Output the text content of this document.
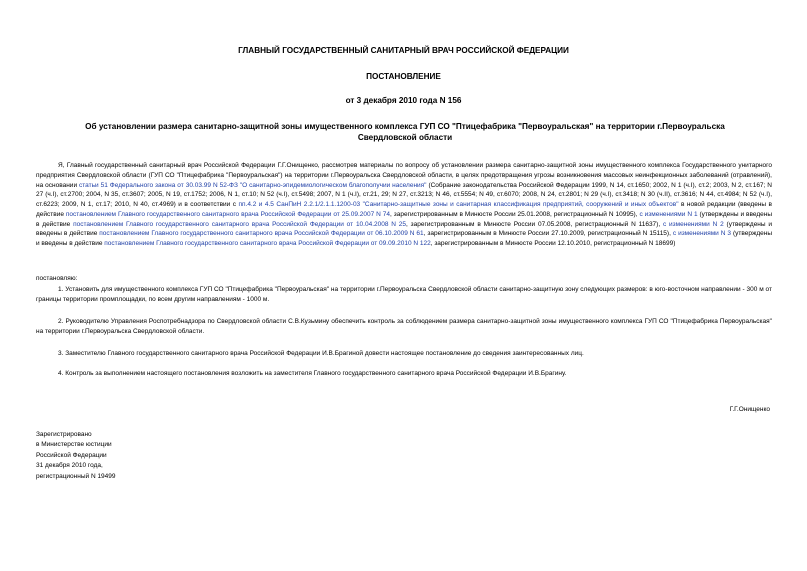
ГЛАВНЫЙ ГОСУДАРСТВЕННЫЙ САНИТАРНЫЙ ВРАЧ РОССИЙСКОЙ ФЕДЕРАЦИИ
ПОСТАНОВЛЕНИЕ
от 3 декабря 2010 года N 156
Об установлении размера санитарно-защитной зоны имущественного комплекса ГУП СО "Птицефабрика "Первоуральская" на территории г.Первоуральска Свердловской области
Я, Главный государственный санитарный врач Российской Федерации Г.Г.Онищенко, рассмотрев материалы по вопросу об установлении размера санитарно-защитной зоны имущественного комплекса Государственного унитарного предприятия Свердловской области (ГУП СО "Птицефабрика "Первоуральская") на территории г.Первоуральска Свердловской области, в целях предотвращения угрозы возникновения массовых неинфекционных заболеваний (отравлений), на основании статьи 51 Федерального закона от 30.03.99 N 52-ФЗ "О санитарно-эпидемиологическом благополучии населения" (Собрание законодательства Российской Федерации 1999, N 14, ст.1650; 2002, N 1 (ч.I), ст.2; 2003, N 2, ст.167; N 27 (ч.I), ст.2700; 2004, N 35, ст.3607; 2005, N 19, ст.1752; 2006, N 1, ст.10; N 52 (ч.I), ст.5498; 2007, N 1 (ч.I), ст.21, 29; N 27, ст.3213; N 46, ст.5554; N 49, ст.6070; 2008, N 24, ст.2801; N 29 (ч.I), ст.3418; N 30 (ч.II), ст.3616; N 44, ст.4984; N 52 (ч.I), ст.6223; 2009, N 1, ст.17; 2010, N 40, ст.4969) и в соответствии с пп.4.2 и 4.5 СанПиН 2.2.1/2.1.1.1200-03 "Санитарно-защитные зоны и санитарная классификация предприятий, сооружений и иных объектов" в новой редакции (введены в действие постановлением Главного государственного санитарного врача Российской Федерации от 25.09.2007 N 74, зарегистрированным в Минюсте России 25.01.2008, регистрационный N 10995), с изменениями N 1 (утверждены и введены в действие постановлением Главного государственного санитарного врача Российской Федерации от 10.04.2008 N 25, зарегистрированным в Минюсте России 07.05.2008, регистрационный N 11637), с изменениями N 2 (утверждены и введены в действие постановлением Главного государственного санитарного врача Российской Федерации от 06.10.2009 N 61, зарегистрированным в Минюсте России 27.10.2009, регистрационный N 15115), с изменениями N 3 (утверждены и введены в действие постановлением Главного государственного санитарного врача Российской Федерации от 09.09.2010 N 122, зарегистрированным в Минюсте России 12.10.2010, регистрационный N 18699)
постановляю:
1. Установить для имущественного комплекса ГУП СО "Птицефабрика "Первоуральская" на территории г.Первоуральска Свердловской области санитарно-защитную зону следующих размеров: в юго-восточном направлении - 300 м от границы территории промплощадки, по всем другим направлениям - 1000 м.
2. Руководителю Управления Роспотребнадзора по Свердловской области С.В.Кузьмину обеспечить контроль за соблюдением размера санитарно-защитной зоны имущественного комплекса ГУП СО "Птицефабрика Первоуральская" на территории г.Первоуральска Свердловской области.
3. Заместителю Главного государственного санитарного врача Российской Федерации И.В.Брагиной довести настоящее постановление до сведения заинтересованных лиц.
4. Контроль за выполнением настоящего постановления возложить на заместителя Главного государственного санитарного врача Российской Федерации И.В.Брагину.
Г.Г.Онищенко
Зарегистрировано
в Министерстве юстиции
Российской Федерации
31 декабря 2010 года,
регистрационный N 19499
